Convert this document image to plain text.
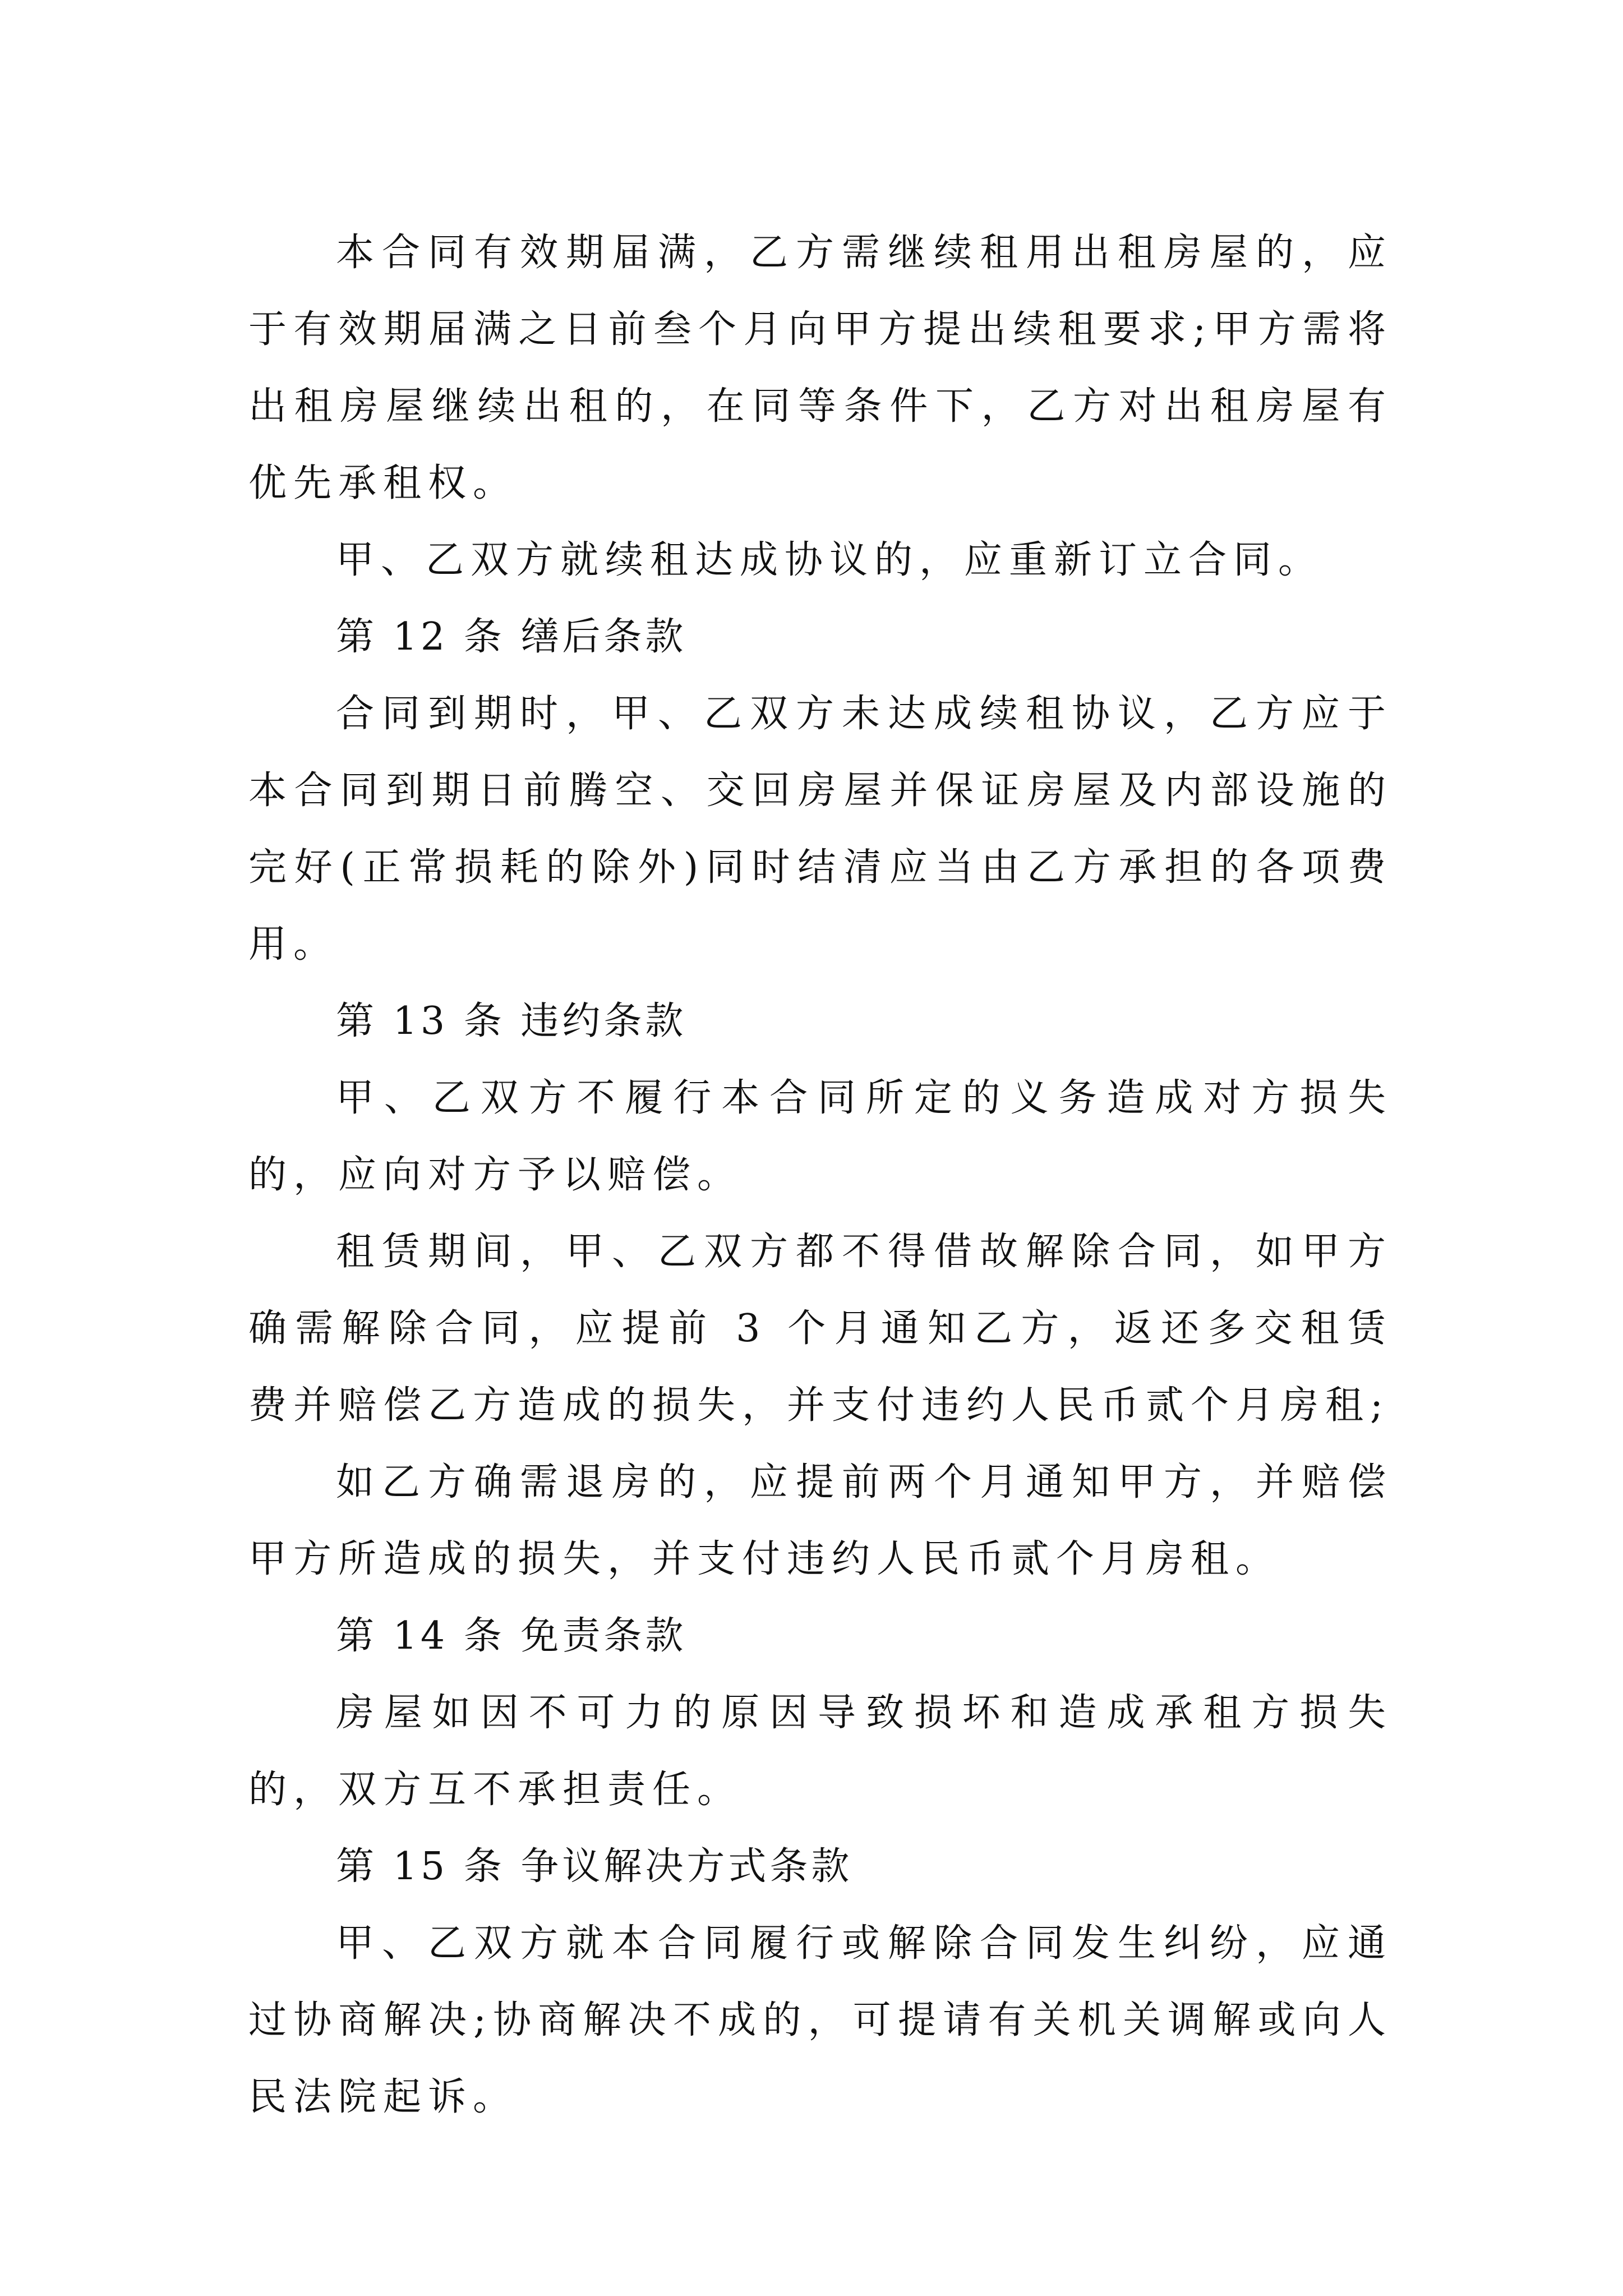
本合同有效期届满，乙方需继续租用出租房屋的，应于有效期届满之日前叁个月向甲方提出续租要求;甲方需将出租房屋继续出租的，在同等条件下，乙方对出租房屋有优先承租权。

甲、乙双方就续租达成协议的，应重新订立合同。

第 12 条 缮后条款

合同到期时，甲、乙双方未达成续租协议，乙方应于本合同到期日前腾空、交回房屋并保证房屋及内部设施的完好(正常损耗的除外)同时结清应当由乙方承担的各项费用。

第 13 条 违约条款

甲、乙双方不履行本合同所定的义务造成对方损失的，应向对方予以赔偿。

租赁期间，甲、乙双方都不得借故解除合同，如甲方确需解除合同，应提前 3 个月通知乙方，返还多交租赁费并赔偿乙方造成的损失，并支付违约人民币贰个月房租;

如乙方确需退房的，应提前两个月通知甲方，并赔偿甲方所造成的损失，并支付违约人民币贰个月房租。

第 14 条 免责条款

房屋如因不可力的原因导致损坏和造成承租方损失的，双方互不承担责任。

第 15 条 争议解决方式条款

甲、乙双方就本合同履行或解除合同发生纠纷，应通过协商解决;协商解决不成的，可提请有关机关调解或向人民法院起诉。
